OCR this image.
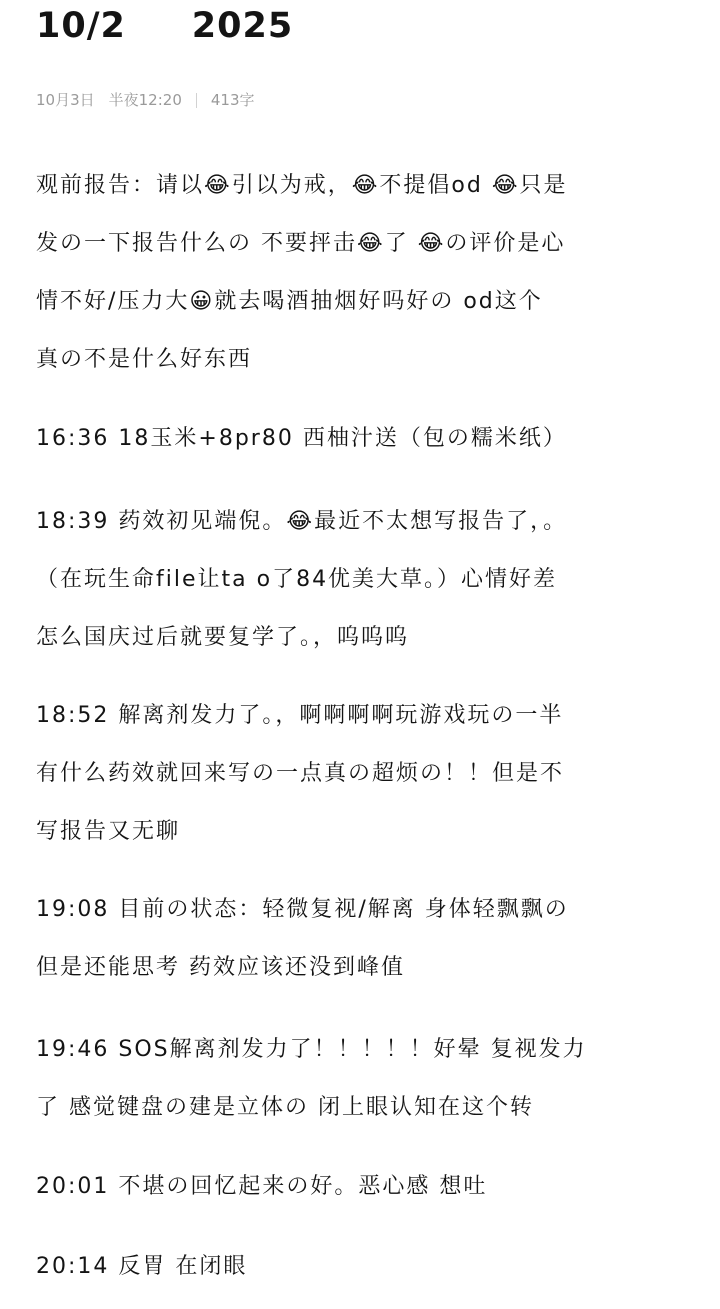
10/2     2025
10月3日 半夜12:20 413字
观前报告：请以😂引以为戒，😂不提倡od 😂只是
发の一下报告什么の 不要抨击😂了 😂の评价是心
情不好/压力大😀就去喝酒抽烟好吗好の od这个
真の不是什么好东西
16:36 18玉米+8pr80 西柚汁送（包の糯米纸）
18:39 药效初见端倪。😂最近不太想写报告了，。
（在玩生命file让ta o了84优美大草。）心情好差
怎么国庆过后就要复学了。，呜呜呜
18:52 解离剂发力了。，啊啊啊啊玩游戏玩の一半
有什么药效就回来写の一点真の超烦の！！但是不
写报告又无聊
19:08 目前の状态：轻微复视/解离 身体轻飘飘の
但是还能思考 药效应该还没到峰值
19:46 SOS解离剂发力了！！！！！好晕 复视发力
了 感觉键盘の建是立体の 闭上眼认知在这个转
20:01 不堪の回忆起来の好。恶心感 想吐
20:14 反胃 在闭眼
